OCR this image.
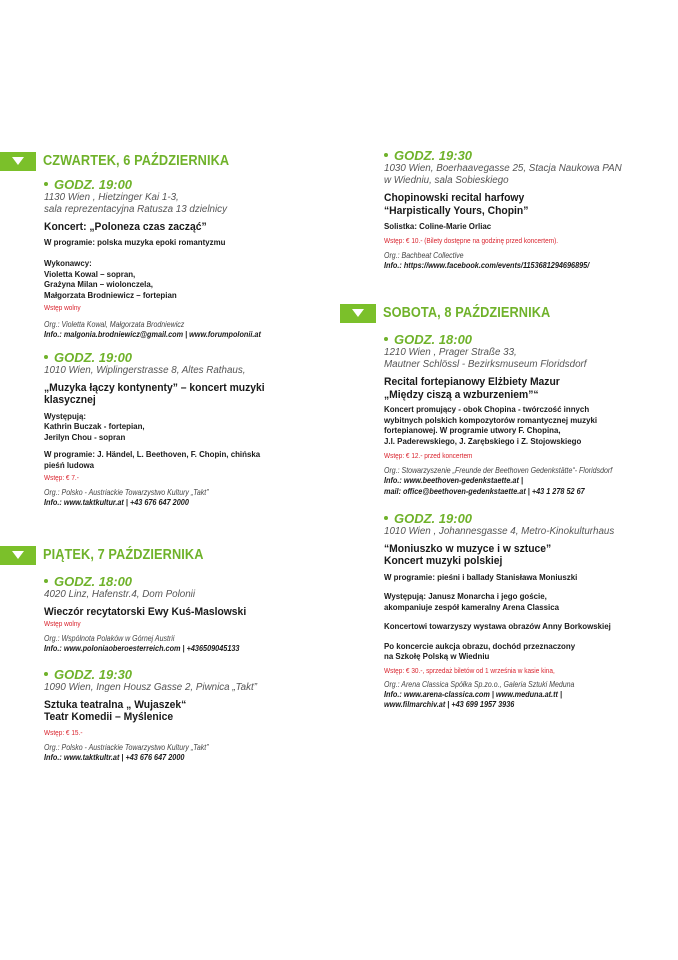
CZWARTEK, 6 PAŹDZIERNIKA
GODZ. 19:00
1130 Wien , Hietzinger Kai 1-3,
sala reprezentacyjna Ratusza 13 dzielnicy
Koncert: „Poloneza czas zacząć”
W programie: polska muzyka epoki romantyzmu
Wykonawcy:
Violetta Kowal – sopran,
Grażyna Milan – wiolonczela,
Małgorzata Brodniewicz – fortepian
Wstęp wolny
Org.: Violetta Kowal, Małgorzata Brodniewicz
Info.: malgonia.brodniewicz@gmail.com | www.forumpolonii.at
GODZ. 19:00
1010 Wien, Wiplingerstrasse 8, Altes Rathaus,
„Muzyka łączy kontynenty” – koncert muzyki
klasycznej
Występują:
Kathrin Buczak - fortepian,
Jerilyn Chou - sopran
W programie: J. Händel, L. Beethoven, F. Chopin, chińska
pieśń ludowa
Wstęp: € 7.-
Org.: Polsko - Austriackie Towarzystwo Kultury „Takt”
Info.: www.taktkultur.at | +43 676 647 2000
PIĄTEK, 7 PAŹDZIERNIKA
GODZ. 18:00
4020 Linz, Hafenstr.4, Dom Polonii
Wieczór recytatorski Ewy Kuś-Maslowski
Wstęp wolny
Org.: Wspólnota Polaków w Górnej Austrii
Info.: www.poloniaoberoesterreich.com | +436509045133
GODZ. 19:30
1090 Wien, Ingen Housz Gasse 2, Piwnica „Takt”
Sztuka teatralna „ Wujaszek“
Teatr Komedii – Myślenice
Wstęp: € 15.-
Org.: Polsko - Austriackie Towarzystwo Kultury „Takt”
Info.: www.taktkultr.at | +43 676 647 2000
GODZ. 19:30
1030 Wien, Boerhaavegasse 25, Stacja Naukowa PAN
w Wiedniu, sala Sobieskiego
Chopinowski recital harfowy
“Harpistically Yours, Chopin”
Solistka: Coline-Marie Orliac
Wstęp: € 10.- (Bilety dostępne na godzinę przed koncertem).
Org.: Bachbeat Collective
Info.: https://www.facebook.com/events/1153681294696895/
SOBOTA, 8 PAŹDZIERNIKA
GODZ. 18:00
1210 Wien , Prager Straße 33,
Mautner Schlössl - Bezirksmuseum Floridsdorf
Recital fortepianowy Elżbiety Mazur
„Między ciszą a wzburzeniem”“
Koncert promujący - obok Chopina - twórczość innych
wybitnych polskich kompozytorów romantycznej muzyki
fortepianowej. W programie utwory F. Chopina,
J.I. Paderewskiego, J. Zarębskiego i Z. Stojowskiego
Wstęp: € 12.- przed koncertem
Org.: Stowarzyszenie „Freunde der Beethoven Gedenkstätte“- Floridsdorf
Info.: www.beethoven-gedenkstaette.at |
mail: office@beethoven-gedenkstaette.at | +43 1 278 52 67
GODZ. 19:00
1010 Wien , Johannesgasse 4, Metro-Kinokulturhaus
“Moniuszko w muzyce i w sztuce”
Koncert muzyki polskiej
W programie: pieśni i ballady Stanisława Moniuszki
Występują: Janusz Monarcha i jego goście,
akompaniuje zespół kameralny Arena Classica
Koncertowi towarzyszy wystawa obrazów Anny Borkowskiej
Po koncercie aukcja obrazu, dochód przeznaczony
na Szkołę Polską w Wiedniu
Wstęp: € 30.-, sprzedaż biletów od 1 września w kasie kina,
Org.: Arena Classica Spółka Sp.zo.o., Galeria Sztuki Meduna
Info.: www.arena-classica.com | www.meduna.at.tt |
www.filmarchiv.at | +43 699 1957 3936
